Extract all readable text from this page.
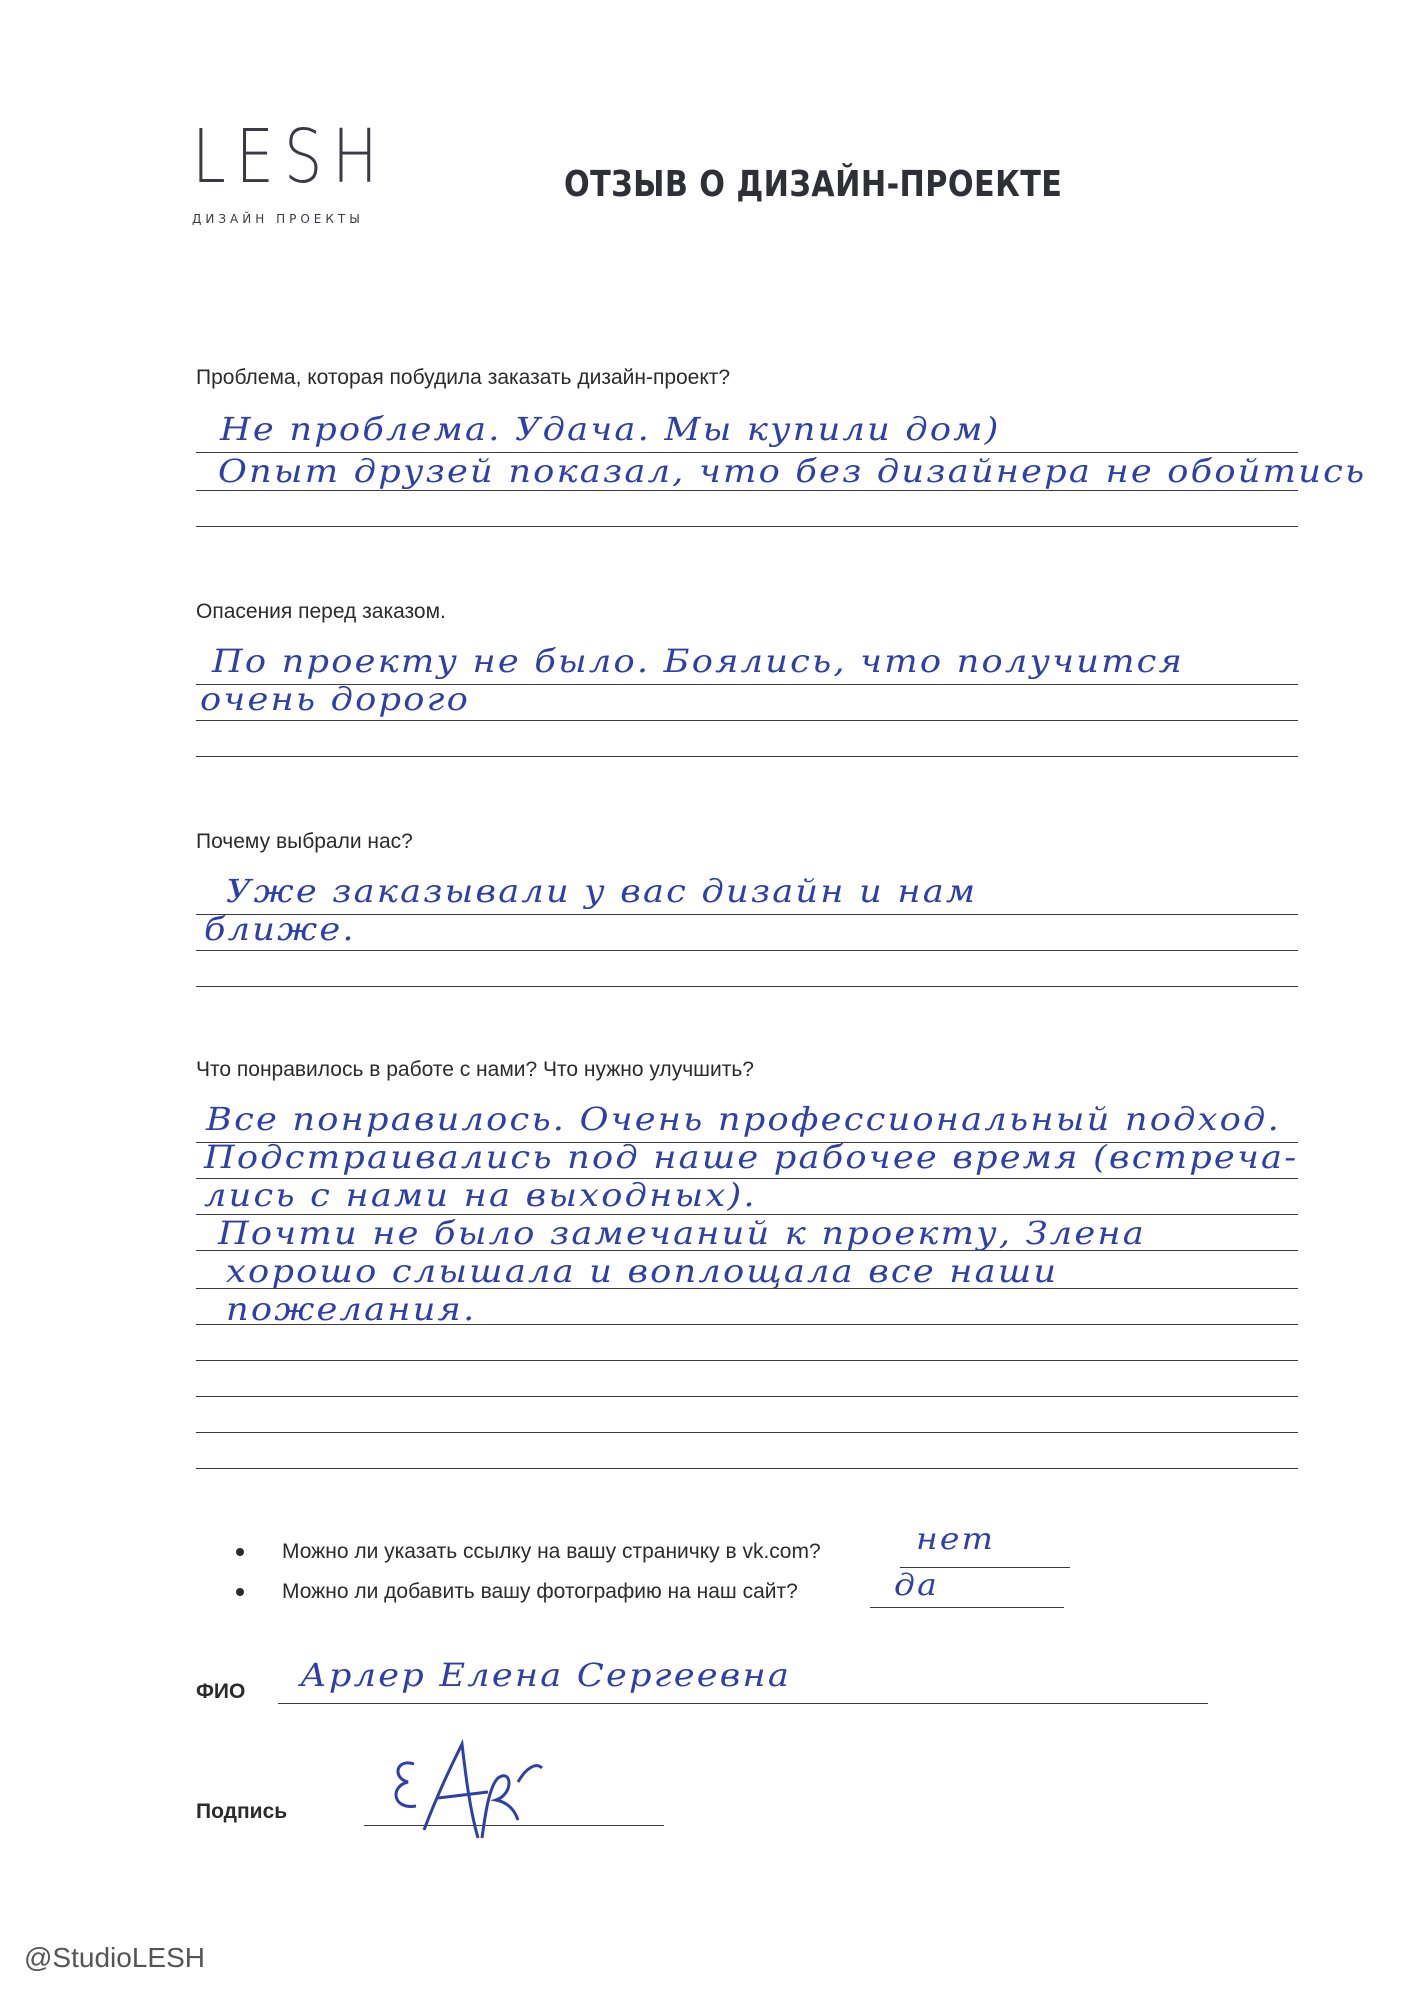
LESH
ДИЗАЙН ПРОЕКТЫ
ОТЗЫВ О ДИЗАЙН-ПРОЕКТЕ
Проблема, которая побудила заказать дизайн-проект?
Не проблема. Удача. Мы купили дом)
Опыт друзей показал, что без дизайнера не обойтись
Опасения перед заказом.
По проекту не было. Боялись, что получится
очень дорого
Почему выбрали нас?
Уже заказывали у вас дизайн и нам
ближе.
Что понравилось в работе с нами? Что нужно улучшить?
Все понравилось. Очень профессиональный подход.
Подстраивались под наше рабочее время (встреча-
лись с нами на выходных).
Почти не было замечаний к проекту, Злена
хорошо слышала и воплощала все наши
пожелания.
Можно ли указать ссылку на вашу страничку в vk.com?	нет
Можно ли добавить вашу фотографию на наш сайт?	да
ФИО Арлер Елена Сергеевна
Подпись
@StudioLESH
